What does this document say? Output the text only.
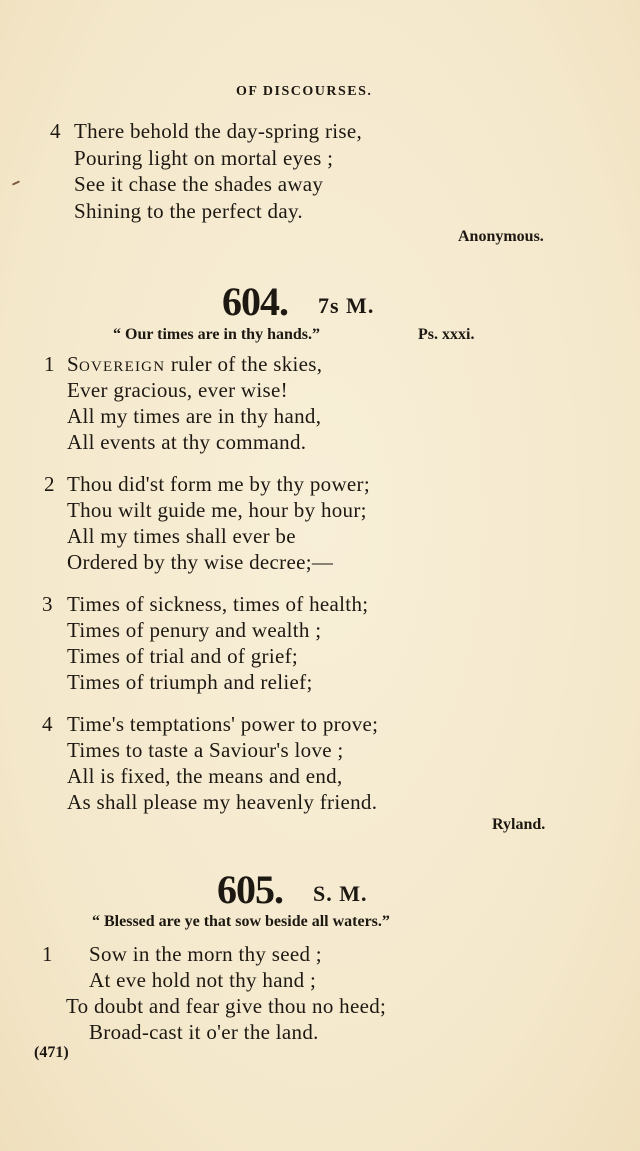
OF DISCOURSES.
4 There behold the day-spring rise,
Pouring light on mortal eyes ;
See it chase the shades away
Shining to the perfect day.
Anonymous.
604. 7s M.
“ Our times are in thy hands.”	Ps. xxxi.
1 SOVEREIGN ruler of the skies,
Ever gracious, ever wise!
All my times are in thy hand,
All events at thy command.
2 Thou did'st form me by thy power;
Thou wilt guide me, hour by hour;
All my times shall ever be
Ordered by thy wise decree;—
3 Times of sickness, times of health;
Times of penury and wealth ;
Times of trial and of grief;
Times of triumph and relief;
4 Time's temptations' power to prove;
Times to taste a Saviour's love ;
All is fixed, the means and end,
As shall please my heavenly friend.
Ryland.
605. S. M.
“ Blessed are ye that sow beside all waters.”
1 Sow in the morn thy seed ;
At eve hold not thy hand ;
To doubt and fear give thou no heed;
Broad-cast it o'er the land.
(471)
